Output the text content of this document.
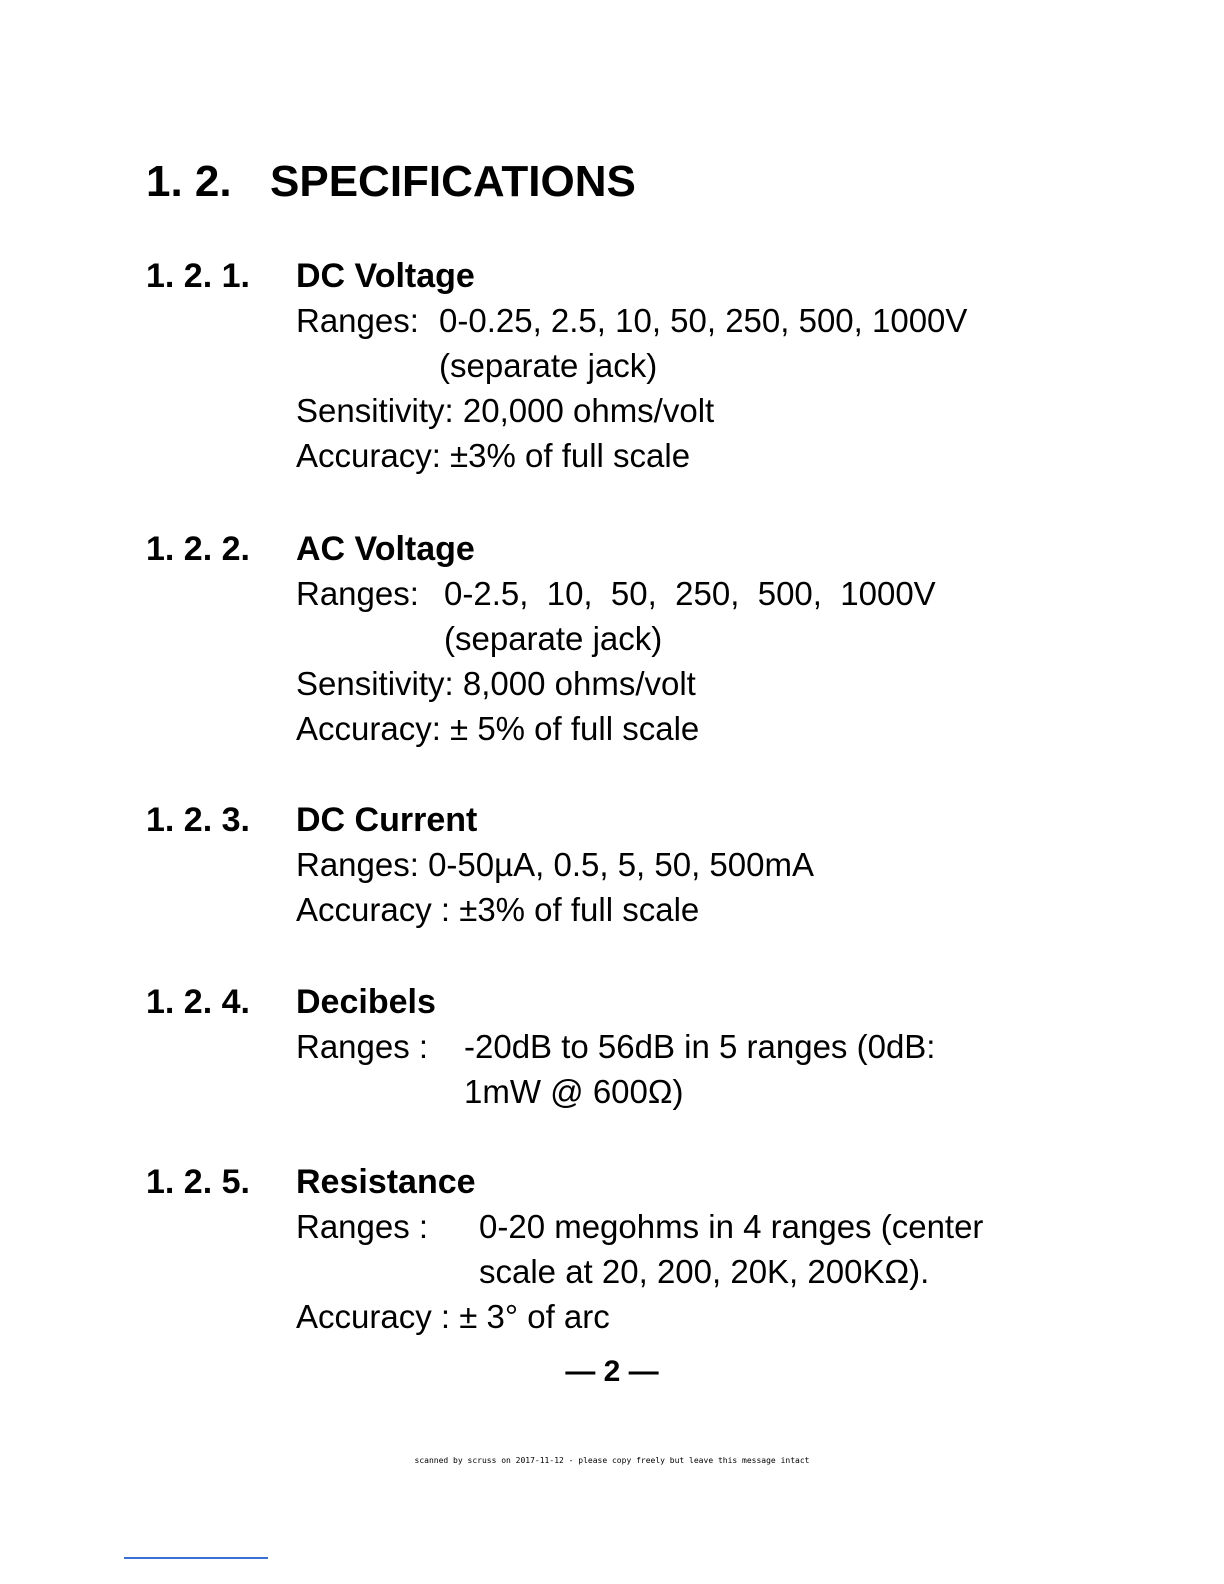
1. 2. SPECIFICATIONS
1. 2. 1. DC Voltage
Ranges: 0-0.25, 2.5, 10, 50, 250, 500, 1000V
(separate jack)
Sensitivity: 20,000 ohms/volt
Accuracy: ±3% of full scale
1. 2. 2. AC Voltage
Ranges: 0-2.5,  10,  50,  250,  500,  1000V
(separate jack)
Sensitivity: 8,000 ohms/volt
Accuracy: ± 5% of full scale
1. 2. 3. DC Current
Ranges: 0-50µA, 0.5, 5, 50, 500mA
Accuracy : ±3% of full scale
1. 2. 4. Decibels
Ranges : -20dB to 56dB in 5 ranges (0dB:
1mW @ 600Ω)
1. 2. 5. Resistance
Ranges : 0-20 megohms in 4 ranges (center
scale at 20, 200, 20K, 200KΩ).
Accuracy : ± 3° of arc
— 2 —
scanned by scruss on 2017-11-12 - please copy freely but leave this message intact
